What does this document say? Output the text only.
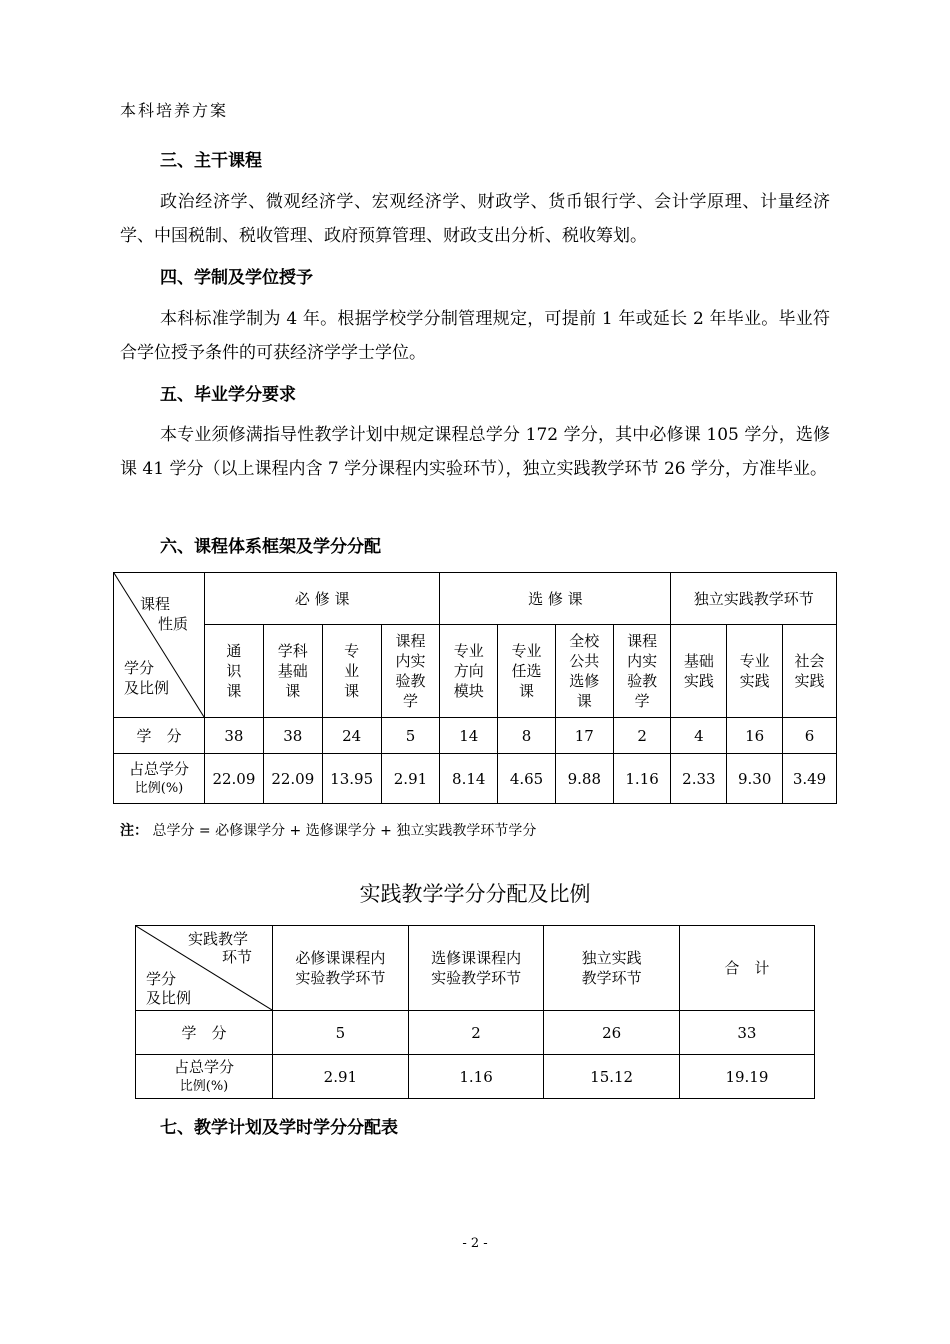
本科培养方案
三、主干课程
政治经济学、微观经济学、宏观经济学、财政学、货币银行学、会计学原理、计量经济学、中国税制、税收管理、政府预算管理、财政支出分析、税收筹划。
四、学制及学位授予
本科标准学制为 4 年。根据学校学分制管理规定，可提前 1 年或延长 2 年毕业。毕业符合学位授予条件的可获经济学学士学位。
五、毕业学分要求
本专业须修满指导性教学计划中规定课程总学分 172 学分，其中必修课 105 学分，选修课 41 学分（以上课程内含 7 学分课程内实验环节），独立实践教学环节 26 学分，方准毕业。
六、课程体系框架及学分分配
课程
性质
学分
及比例	必 修 课				选 修 课				独立实践教学环节		

	通识课	学科基础课	专业课	课程内实验教学	专业方向模块	专业任选课	全校公共选修课	课程内实验教学	基础实践	专业实践	社会实践

学　分	38	38	24	5	14	8	17	2	4	16	6

占总学分
比例(%)	22.09	22.09	13.95	2.91	8.14	4.65	9.88	1.16	2.33	9.30	3.49
注： 总学分 = 必修课学分 + 选修课学分 + 独立实践教学环节学分
实践教学学分分配及比例
实践教学
环节
学分
及比例	必修课课程内实验教学环节	选修课课程内实验教学环节	独立实践教学环节	合　计
学　分	5	2	26	33

占总学分
比例(%)	2.91	1.16	15.12	19.19
七、教学计划及学时学分分配表
- 2 -
